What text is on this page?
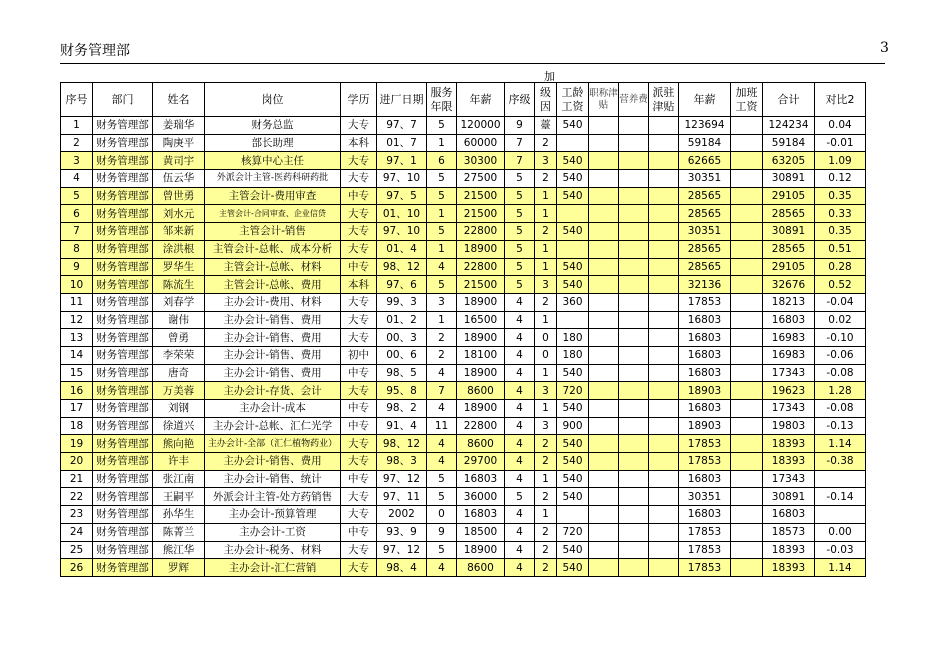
财务管理部	3
加
序号	部门	姓名	岗位	学历	进厂日期	服务年限	年薪	序级	级因	工龄工资	职称津贴	营养费	派驻津贴	年薪	加班工资	合计	对比2
1	财务管理部	姜瑞华	财务总监	大专	97、7	5	120000	9	薹	540				123694		124234	0.04
2	财务管理部	陶庚平	部长助理	本科	01、7	1	60000	7	2					59184		59184	-0.01
3	财务管理部	黄司宇	核算中心主任	大专	97、1	6	30300	7	3	540				62665		63205	1.09
4	财务管理部	伍云华	外派会计主管-医药科研药批	大专	97、10	5	27500	5	2	540				30351		30891	0.12
5	财务管理部	曾世勇	主管会计-费用审查	中专	97、5	5	21500	5	1	540				28565		29105	0.35
6	财务管理部	刘水元	主管会计-合同审查、企业信贷	大专	01、10	1	21500	5	1					28565		28565	0.33
7	财务管理部	邹来新	主管会计-销售	大专	97、10	5	22800	5	2	540				30351		30891	0.35
8	财务管理部	涂洪根	主管会计-总帐、成本分析	大专	01、4	1	18900	5	1					28565		28565	0.51
9	财务管理部	罗华生	主管会计-总帐、材料	中专	98、12	4	22800	5	1	540				28565		29105	0.28
10	财务管理部	陈流生	主管会计-总帐、费用	本科	97、6	5	21500	5	3	540				32136		32676	0.52
11	财务管理部	刘春学	主办会计-费用、材料	大专	99、3	3	18900	4	2	360				17853		18213	-0.04
12	财务管理部	谢伟	主办会计-销售、费用	大专	01、2	1	16500	4	1					16803		16803	0.02
13	财务管理部	曾勇	主办会计-销售、费用	大专	00、3	2	18900	4	0	180				16803		16983	-0.10
14	财务管理部	李荣荣	主办会计-销售、费用	初中	00、6	2	18100	4	0	180				16803		16983	-0.06
15	财务管理部	唐奇	主办会计-销售、费用	中专	98、5	4	18900	4	1	540				16803		17343	-0.08
16	财务管理部	万美蓉	主办会计-存货、会计	大专	95、8	7	8600	4	3	720				18903		19623	1.28
17	财务管理部	刘钢	主办会计-成本	中专	98、2	4	18900	4	1	540				16803		17343	-0.08
18	财务管理部	徐道兴	主办会计-总帐、汇仁光学	中专	91、4	11	22800	4	3	900				18903		19803	-0.13
19	财务管理部	熊向艳	主办会计-全部（汇仁植物药业）	大专	98、12	4	8600	4	2	540				17853		18393	1.14
20	财务管理部	许丰	主办会计-销售、费用	大专	98、3	4	29700	4	2	540				17853		18393	-0.38
21	财务管理部	张江南	主办会计-销售、统计	中专	97、12	5	16803	4	1	540				16803		17343	
22	财务管理部	王嗣平	外派会计主管-处方药销售	大专	97、11	5	36000	5	2	540				30351		30891	-0.14
23	财务管理部	孙华生	主办会计-预算管理	大专	2002	0	16803	4	1					16803		16803	
24	财务管理部	陈菁兰	主办会计-工资	中专	93、9	9	18500	4	2	720				17853		18573	0.00
25	财务管理部	熊江华	主办会计-税务、材料	大专	97、12	5	18900	4	2	540				17853		18393	-0.03
26	财务管理部	罗辉	主办会计-汇仁营销	大专	98、4	4	8600	4	2	540				17853		18393	1.14
